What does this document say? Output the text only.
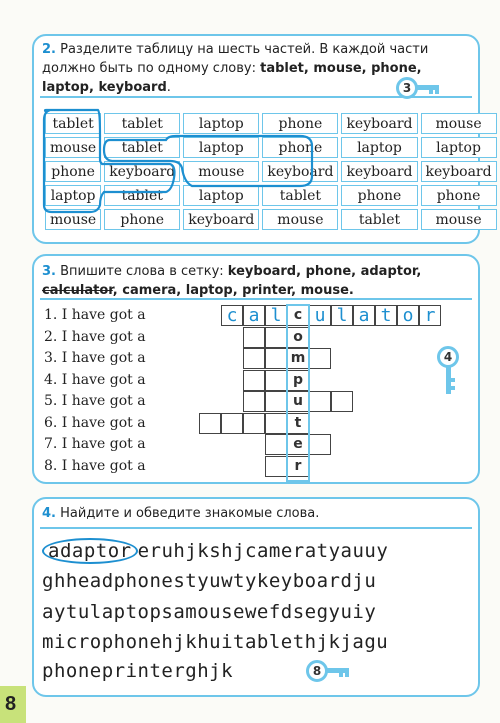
2. Разделите таблицу на шесть частей. В каждой части должно быть по одному слову: tablet, mouse, phone, laptop, keyboard.	3
tablet	tablet	laptop	phone	keyboard	mouse
mouse	tablet	laptop	phone	laptop	laptop
phone	keyboard	mouse	keyboard	keyboard	keyboard
laptop	tablet	laptop	tablet	phone	phone
mouse	phone	keyboard	mouse	tablet	mouse
3. Впишите слова в сетку: keyboard, phone, adaptor,
calculator, camera, laptop, printer, mouse.
1. I have got a
2. I have got a
3. I have got a
4. I have got a
5. I have got a
6. I have got a
7. I have got a
8. I have got a
c a l c u l a t o r
o
m
p
u
t
e
r
4
4. Найдите и обведите знакомые слова.
adaptor eruhjkshjcameratyauuy
ghheadphonestyuwtykeyboardju
aytulaptopsamousewefdsegyuiy
microphonehjkhuitablethjkjagu
phoneprinterghjk	8
8
